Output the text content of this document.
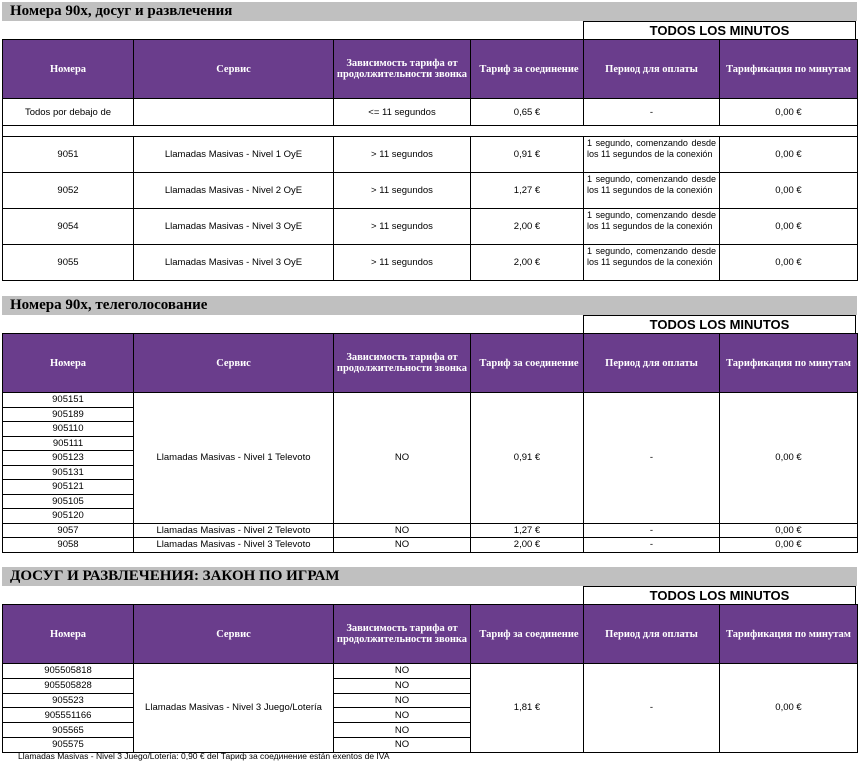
Номера 90х, досуг и развлечения
TODOS LOS MINUTOS
Номера	Сервис	Зависимость тарифа от продолжительности звонка	Тариф за соединение	Период для оплаты	Тарификация по минутам
Todos por debajo de		<= 11 segundos	0,65 €	-	0,00 €

9051	Llamadas Masivas - Nivel 1 OyE	> 11 segundos	0,91 €	1 segundo, comenzando desde los 11 segundos de la conexión	0,00 €
9052	Llamadas Masivas - Nivel 2 OyE	> 11 segundos	1,27 €	1 segundo, comenzando desde los 11 segundos de la conexión	0,00 €
9054	Llamadas Masivas - Nivel 3 OyE	> 11 segundos	2,00 €	1 segundo, comenzando desde los 11 segundos de la conexión	0,00 €
9055	Llamadas Masivas - Nivel 3 OyE	> 11 segundos	2,00 €	1 segundo, comenzando desde los 11 segundos de la conexión	0,00 €
Номера 90х, телеголосование
TODOS LOS MINUTOS
Номера	Сервис	Зависимость тарифа от продолжительности звонка	Тариф за соединение	Период для оплаты	Тарификация по минутам
905151	Llamadas Masivas - Nivel 1 Televoto	NO	0,91 €	-	0,00 €
905189					
905110					
905111					
905123					
905131					
905121					
905105					
905120					
9057	Llamadas Masivas - Nivel 2 Televoto	NO	1,27 €	-	0,00 €
9058	Llamadas Masivas - Nivel 3 Televoto	NO	2,00 €	-	0,00 €
ДОСУГ И РАЗВЛЕЧЕНИЯ: ЗАКОН ПО ИГРАМ
TODOS LOS MINUTOS
Номера	Сервис	Зависимость тарифа от продолжительности звонка	Тариф за соединение	Период для оплаты	Тарификация по минутам
905505818	Llamadas Masivas - Nivel 3 Juego/Lotería	NO	1,81 €	-	0,00 €
905505828		NO			
905523		NO			
905551166		NO			
905565		NO			
905575		NO			
Llamadas Masivas - Nivel 3 Juego/Lotería: 0,90 € del Тариф за соединение están exentos de IVA
